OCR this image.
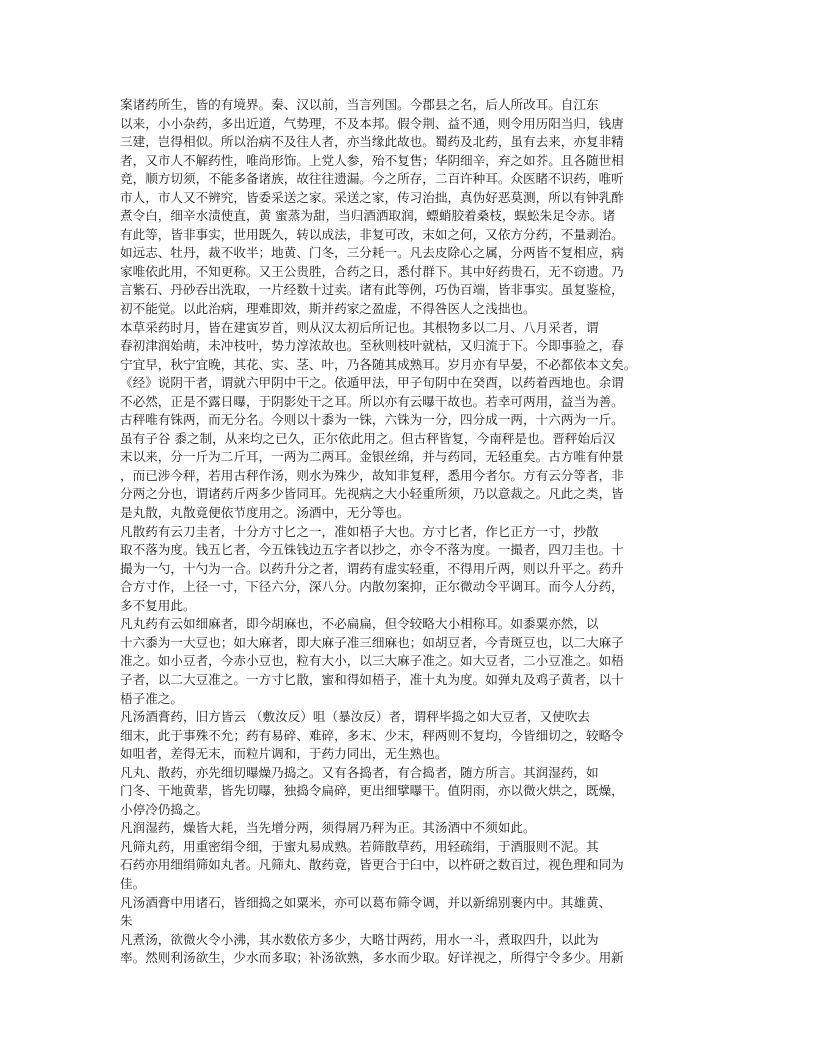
案诸药所生，皆的有境界。秦、汉以前，当言列国。今郡县之名，后人所改耳。自江东
以来，小小杂药，多出近道，气势理，不及本邦。假令荆、益不通，则令用历阳当归，钱唐
三建，岂得相似。所以治病不及往人者，亦当缘此故也。蜀药及北药，虽有去来，亦复非精
者，又市人不解药性，唯尚形饰。上党人参，殆不复售；华阴细辛，弃之如芥。且各随世相
竞，顺方切须，不能多备诸族，故往往遗漏。今之所存，二百许种耳。众医睹不识药，唯听
市人，市人又不辨究，皆委采送之家。采送之家，传习治拙，真伪好恶莫测，所以有钟乳酢
煮令白，细辛水渍使直，黄 蜜蒸为甜，当归酒洒取润，螵蛸胶着桑枝，蜈蚣朱足令赤。诸
有此等，皆非事实，世用既久，转以成法，非复可改，末如之何，又依方分药，不量剥治。
如远志、牡丹，裁不收半；地黄、门冬，三分耗一。凡去皮除心之属，分两皆不复相应，病
家唯依此用，不知更称。又王公贵胜，合药之日，悉付群下。其中好药贵石，无不窃遗。乃
言紫石、丹砂吞出洗取，一片经数十过卖。诸有此等例，巧伪百端，皆非事实。虽复鉴检，
初不能觉。以此治病，理难即效，斯并药家之盈虚，不得咎医人之浅拙也。
本草采药时月，皆在建寅岁首，则从汉太初后所记也。其根物多以二月、八月采者，谓
春初津润始萌，未冲枝叶，势力淳浓故也。至秋则枝叶就枯，又归流于下。今即事验之，春
宁宜早，秋宁宜晚，其花、实、茎、叶，乃各随其成熟耳。岁月亦有早晏，不必都依本文矣。
《经》说阴干者，谓就六甲阴中干之。依遁甲法，甲子旬阴中在癸酉，以药着西地也。余谓
不必然，正是不露日曝，于阴影处干之耳。所以亦有云曝干故也。若幸可两用，益当为善。
古秤唯有铢两，而无分名。今则以十黍为一铢，六铢为一分，四分成一两，十六两为一斤。
虽有子谷 黍之制，从来均之已久，正尔依此用之。但古秤皆复，今南秤是也。晋秤始后汉
末以来，分一斤为二斤耳，一两为二两耳。金银丝绵，并与药同，无轻重矣。古方唯有仲景
，而已涉今秤，若用古秤作汤，则水为殊少，故知非复秤，悉用今者尔。方有云分等者，非
分两之分也，谓诸药斤两多少皆同耳。先视病之大小轻重所须，乃以意裁之。凡此之类，皆
是丸散，丸散竟便依节度用之。汤酒中，无分等也。
凡散药有云刀圭者，十分方寸匕之一，准如梧子大也。方寸匕者，作匕正方一寸，抄散
取不落为度。钱五匕者，今五铢钱边五字者以抄之，亦令不落为度。一撮者，四刀圭也。十
撮为一勺，十勺为一合。以药升分之者，谓药有虚实轻重，不得用斤两，则以升平之。药升
合方寸作，上径一寸，下径六分，深八分。内散勿案抑，正尔微动令平调耳。而今人分药，
多不复用此。
凡丸药有云如细麻者，即今胡麻也，不必扁扁，但令较略大小相称耳。如黍粟亦然，以
十六黍为一大豆也；如大麻者，即大麻子准三细麻也；如胡豆者，今青斑豆也，以二大麻子
准之。如小豆者，今赤小豆也，粒有大小，以三大麻子准之。如大豆者，二小豆准之。如梧
子者，以二大豆准之。一方寸匕散，蜜和得如梧子，准十丸为度。如弹丸及鸡子黄者，以十
梧子准之。
凡汤酒膏药，旧方皆云 （敷汝反）咀（暴汝反）者，谓秤毕捣之如大豆者，又使吹去
细末，此于事殊不允；药有易碎、难碎，多末、少末，秤两则不复均，今皆细切之，较略令
如咀者，差得无末，而粒片调和，于药力同出，无生熟也。
凡丸、散药，亦先细切曝燥乃捣之。又有各捣者，有合捣者，随方所言。其润湿药，如
门冬、干地黄辈，皆先切曝，独捣令扁碎，更出细擘曝干。值阴雨，亦以微火烘之，既燥，
小停冷仍捣之。
凡润湿药，燥皆大耗，当先增分两，须得屑乃秤为正。其汤酒中不须如此。
凡筛丸药，用重密绢令细，于蜜丸易成熟。若筛散草药，用轻疏绢，于酒服则不泥。其
石药亦用细绢筛如丸者。凡筛丸、散药竟，皆更合于臼中，以杵研之数百过，视色理和同为
佳。
凡汤酒膏中用诸石，皆细捣之如粟米，亦可以葛布筛令调，并以新绵别裹内中。其雄黄、
朱
凡煮汤，欲微火令小沸，其水数依方多少，大略廿两药，用水一斗，煮取四升，以此为
率。然则利汤欲生，少水而多取；补汤欲熟，多水而少取。好详视之，所得宁令多少。用新
